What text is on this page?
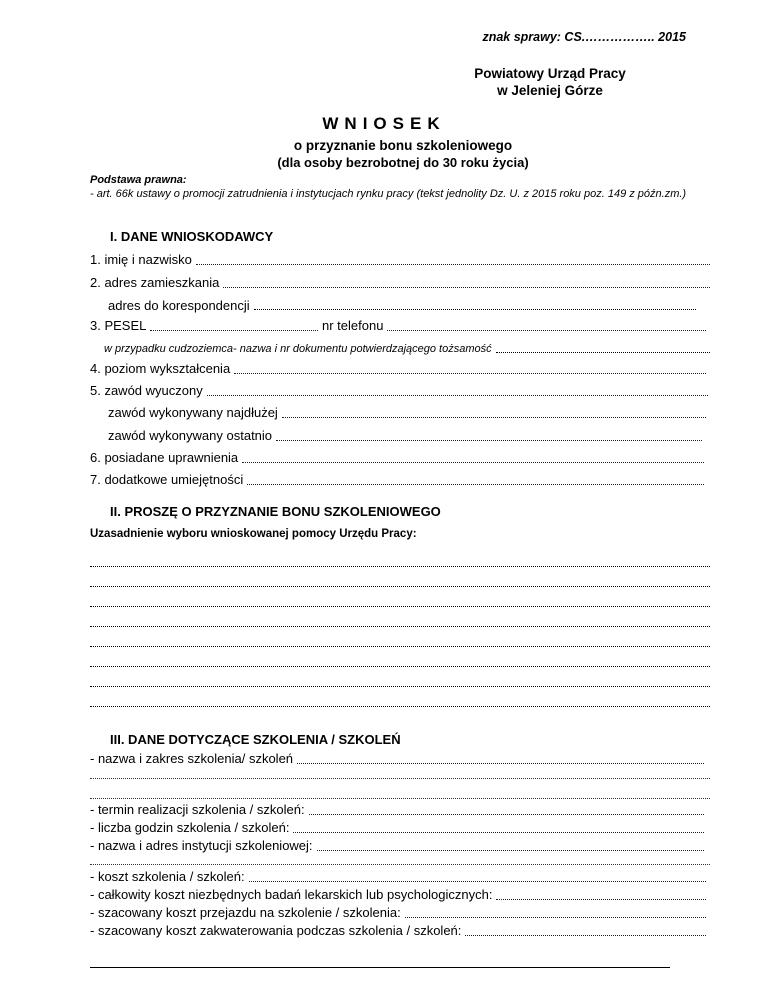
znak sprawy: CS.…………….. 2015
Powiatowy Urząd Pracy
w Jeleniej Górze
WNIOSEK
o przyznanie bonu szkoleniowego
(dla osoby bezrobotnej do 30 roku życia)
Podstawa prawna:
- art. 66k ustawy o promocji zatrudnienia i instytucjach rynku pracy (tekst jednolity Dz. U. z 2015 roku poz. 149 z późn.zm.)
I. DANE WNIOSKODAWCY
1. imię i nazwisko
2. adres zamieszkania
adres do korespondencji
3. PESEL	nr telefonu
w przypadku cudzoziemca- nazwa i nr dokumentu potwierdzającego tożsamość
4. poziom wykształcenia
5. zawód wyuczony
zawód wykonywany najdłużej
zawód wykonywany ostatnio
6. posiadane uprawnienia
7. dodatkowe umiejętności
II. PROSZĘ O PRZYZNANIE BONU SZKOLENIOWEGO
Uzasadnienie wyboru wnioskowanej pomocy Urzędu Pracy:
III. DANE DOTYCZĄCE SZKOLENIA / SZKOLEŃ
- nazwa i zakres szkolenia/ szkoleń
- termin realizacji szkolenia / szkoleń:
- liczba godzin szkolenia / szkoleń:
- nazwa i adres instytucji szkoleniowej:
- koszt szkolenia / szkoleń:
- całkowity koszt niezbędnych badań lekarskich lub psychologicznych:
- szacowany koszt przejazdu na szkolenie / szkolenia:
- szacowany koszt zakwaterowania podczas szkolenia / szkoleń:
